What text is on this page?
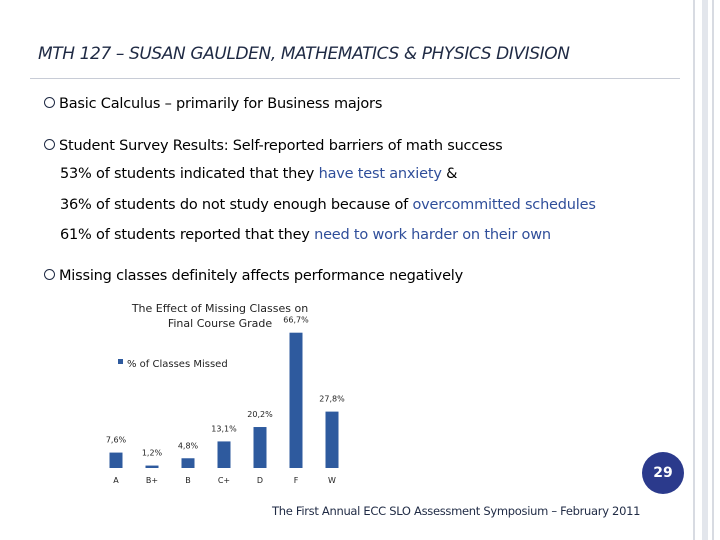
MTH 127 – SUSAN GAULDEN, MATHEMATICS & PHYSICS DIVISION
Basic Calculus – primarily for Business majors
Student Survey Results: Self-reported barriers of math success
53% of students indicated that they have test anxiety &
36% of students do not study enough because of overcommitted schedules
61% of students reported that they need to work harder on their own
Missing classes definitely affects performance negatively
The Effect of Missing Classes on
Final Course Grade
% of Classes Missed
7,6%
A
1,2%
B+
4,8%
B
13,1%
C+
20,2%
D
66,7%
F
27,8%
W	29
The First Annual ECC SLO Assessment Symposium – February 2011
